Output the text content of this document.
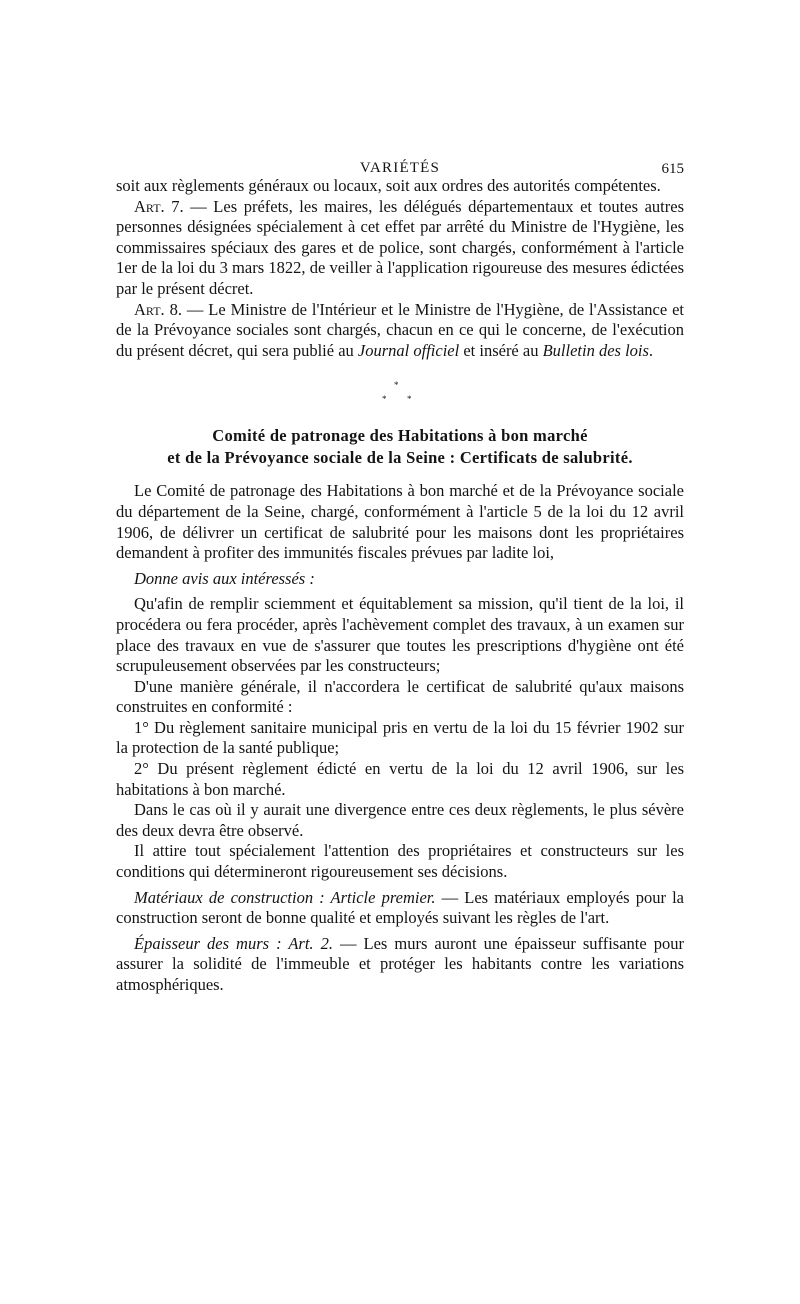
VARIÉTÉS	615

soit aux règlements généraux ou locaux, soit aux ordres des autorités compétentes.

Art. 7. — Les préfets, les maires, les délégués départementaux et toutes autres personnes désignées spécialement à cet effet par arrêté du Ministre de l'Hygiène, les commissaires spéciaux des gares et de police, sont chargés, conformément à l'article 1er de la loi du 3 mars 1822, de veiller à l'application rigoureuse des mesures édictées par le présent décret.

Art. 8. — Le Ministre de l'Intérieur et le Ministre de l'Hygiène, de l'Assistance et de la Prévoyance sociales sont chargés, chacun en ce qui le concerne, de l'exécution du présent décret, qui sera publié au Journal officiel et inséré au Bulletin des lois.

*
* *
Comité de patronage des Habitations à bon marché
et de la Prévoyance sociale de la Seine : Certificats de salubrité.

Le Comité de patronage des Habitations à bon marché et de la Prévoyance sociale du département de la Seine, chargé, conformément à l'article 5 de la loi du 12 avril 1906, de délivrer un certificat de salubrité pour les maisons dont les propriétaires demandent à profiter des immunités fiscales prévues par ladite loi,

Donne avis aux intéressés :

Qu'afin de remplir sciemment et équitablement sa mission, qu'il tient de la loi, il procédera ou fera procéder, après l'achèvement complet des travaux, à un examen sur place des travaux en vue de s'assurer que toutes les prescriptions d'hygiène ont été scrupuleusement observées par les constructeurs;

D'une manière générale, il n'accordera le certificat de salubrité qu'aux maisons construites en conformité :

1° Du règlement sanitaire municipal pris en vertu de la loi du 15 février 1902 sur la protection de la santé publique;

2° Du présent règlement édicté en vertu de la loi du 12 avril 1906, sur les habitations à bon marché.

Dans le cas où il y aurait une divergence entre ces deux règlements, le plus sévère des deux devra être observé.

Il attire tout spécialement l'attention des propriétaires et constructeurs sur les conditions qui détermineront rigoureusement ses décisions.

Matériaux de construction : Article premier. — Les matériaux employés pour la construction seront de bonne qualité et employés suivant les règles de l'art.

Épaisseur des murs : Art. 2. — Les murs auront une épaisseur suffisante pour assurer la solidité de l'immeuble et protéger les habitants contre les variations atmosphériques.
